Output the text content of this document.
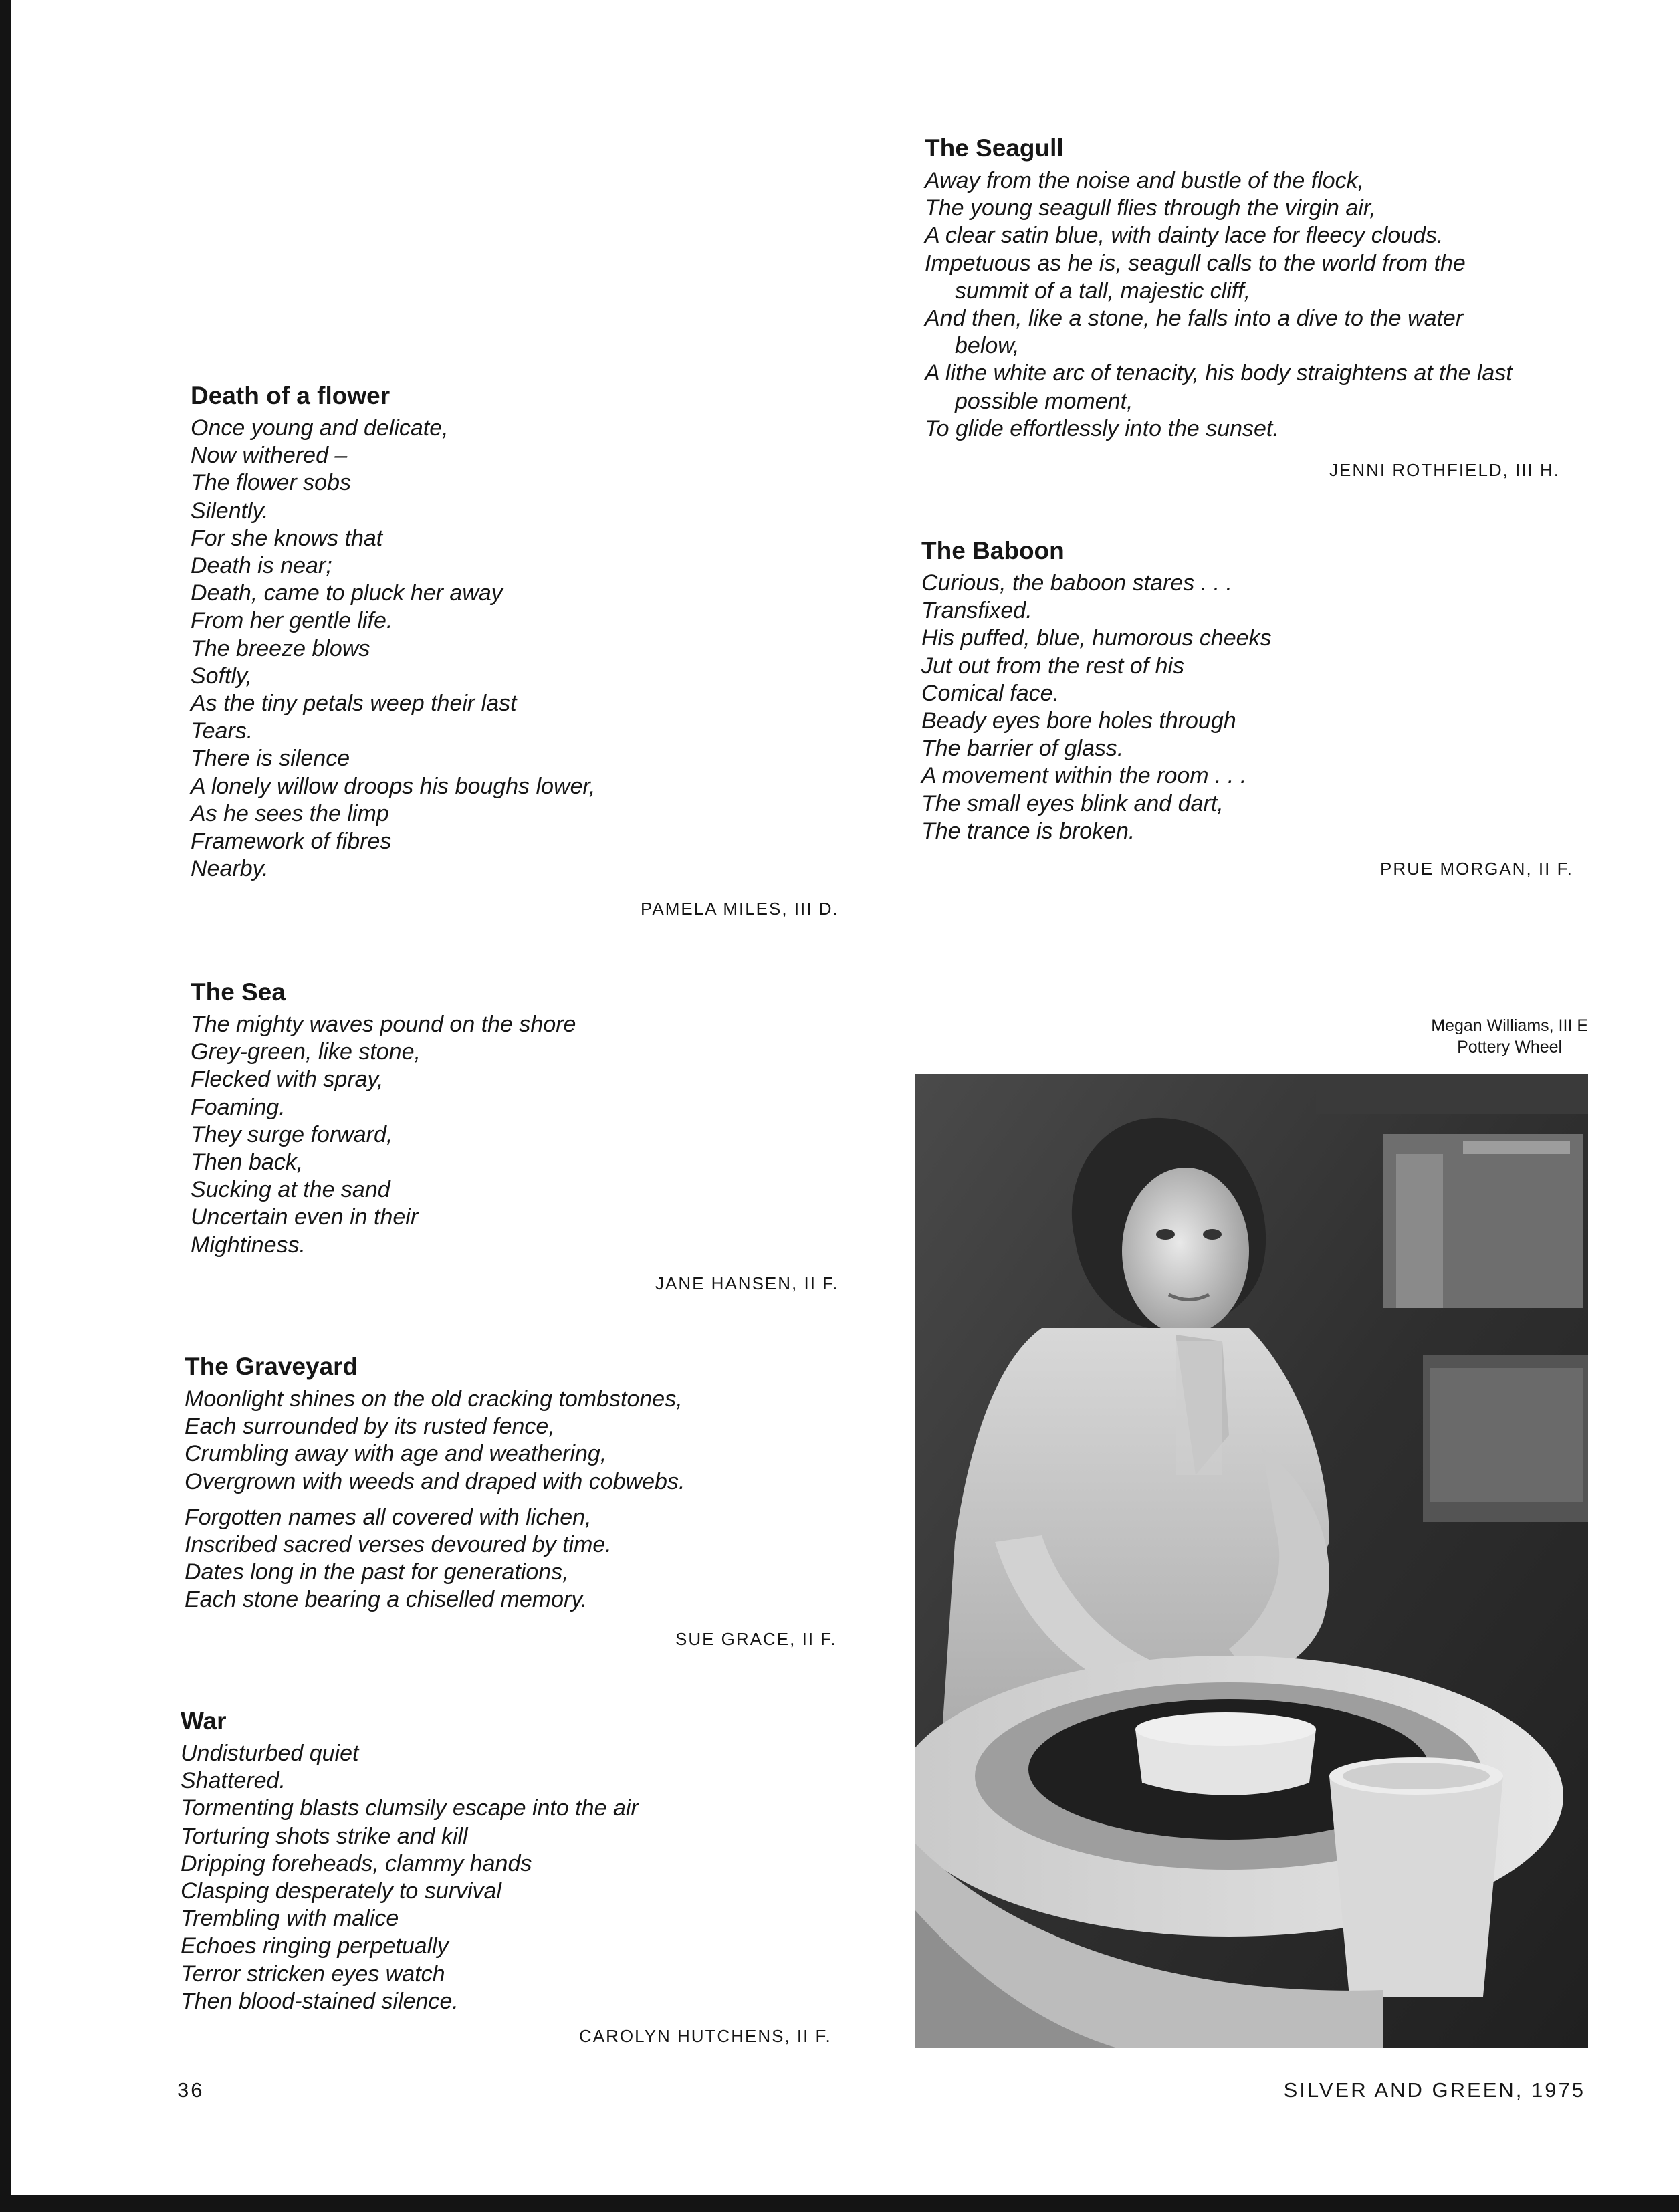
Death of a flower
Once young and delicate,
Now withered –
The flower sobs
Silently.
For she knows that
Death is near;
Death, came to pluck her away
From her gentle life.
The breeze blows
Softly,
As the tiny petals weep their last
Tears.
There is silence
A lonely willow droops his boughs lower,
As he sees the limp
Framework of fibres
Nearby.
PAMELA MILES, III D.
The Seagull
Away from the noise and bustle of the flock,
The young seagull flies through the virgin air,
A clear satin blue, with dainty lace for fleecy clouds.
Impetuous as he is, seagull calls to the world from the
summit of a tall, majestic cliff,
And then, like a stone, he falls into a dive to the water
below,
A lithe white arc of tenacity, his body straightens at the last
possible moment,
To glide effortlessly into the sunset.
JENNI ROTHFIELD, III H.
The Baboon
Curious, the baboon stares . . .
Transfixed.
His puffed, blue, humorous cheeks
Jut out from the rest of his
Comical face.
Beady eyes bore holes through
The barrier of glass.
A movement within the room . . .
The small eyes blink and dart,
The trance is broken.
PRUE MORGAN, II F.
The Sea
The mighty waves pound on the shore
Grey-green, like stone,
Flecked with spray,
Foaming.
They surge forward,
Then back,
Sucking at the sand
Uncertain even in their
Mightiness.
JANE HANSEN, II F.
The Graveyard
Moonlight shines on the old cracking tombstones,
Each surrounded by its rusted fence,
Crumbling away with age and weathering,
Overgrown with weeds and draped with cobwebs.
Forgotten names all covered with lichen,
Inscribed sacred verses devoured by time.
Dates long in the past for generations,
Each stone bearing a chiselled memory.
SUE GRACE, II F.
War
Undisturbed quiet
Shattered.
Tormenting blasts clumsily escape into the air
Torturing shots strike and kill
Dripping foreheads, clammy hands
Clasping desperately to survival
Trembling with malice
Echoes ringing perpetually
Terror stricken eyes watch
Then blood-stained silence.
CAROLYN HUTCHENS, II F.
Megan Williams, III E
Pottery Wheel
36	SILVER AND GREEN, 1975
